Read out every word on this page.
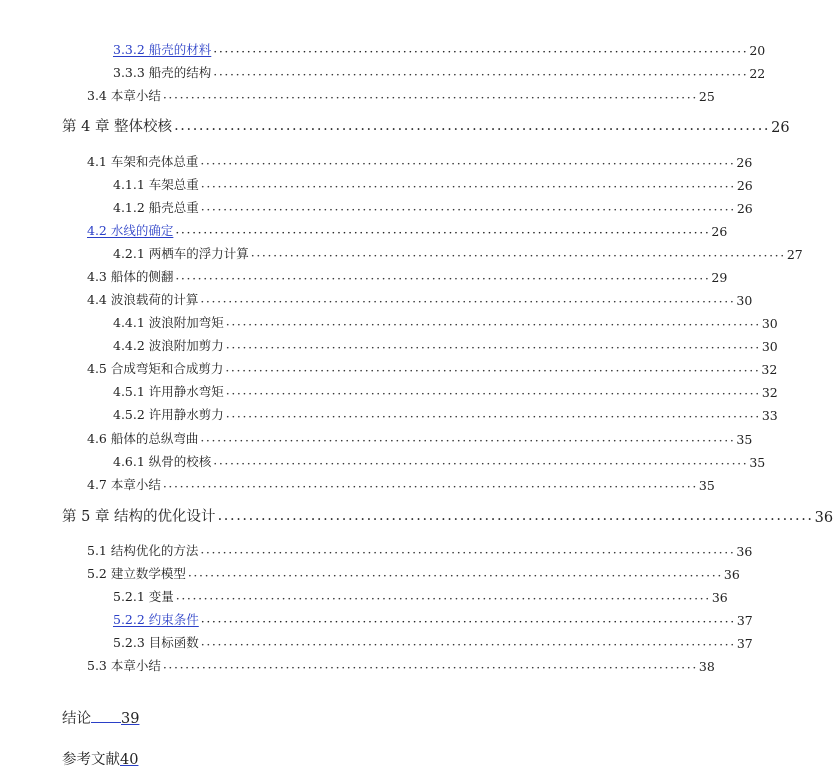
3.3.2 船壳的材料 ································································································ 20
3.3.3 船壳的结构 ································································································ 22
3.4 本章小结 ································································································ 25
第 4 章 整体校核 ································································································ 26
4.1 车架和壳体总重 ································································································ 26
4.1.1 车架总重 ································································································ 26
4.1.2 船壳总重 ································································································ 26
4.2 水线的确定 ································································································ 26
4.2.1 两栖车的浮力计算 ································································································ 27
4.3 船体的侧翻 ································································································ 29
4.4 波浪载荷的计算 ································································································ 30
4.4.1 波浪附加弯矩 ································································································ 30
4.4.2 波浪附加剪力 ································································································ 30
4.5 合成弯矩和合成剪力 ································································································ 32
4.5.1 许用静水弯矩 ································································································ 32
4.5.2 许用静水剪力 ································································································ 33
4.6 船体的总纵弯曲 ································································································ 35
4.6.1 纵骨的校核 ································································································ 35
4.7 本章小结 ································································································ 35
第 5 章 结构的优化设计 ································································································ 36
5.1 结构优化的方法 ································································································ 36
5.2 建立数学模型 ································································································ 36
5.2.1 变量 ································································································ 36
5.2.2 约束条件 ································································································ 37
5.2.3 目标函数 ································································································ 37
5.3 本章小结 ································································································ 38
结论 39
参考文献40
